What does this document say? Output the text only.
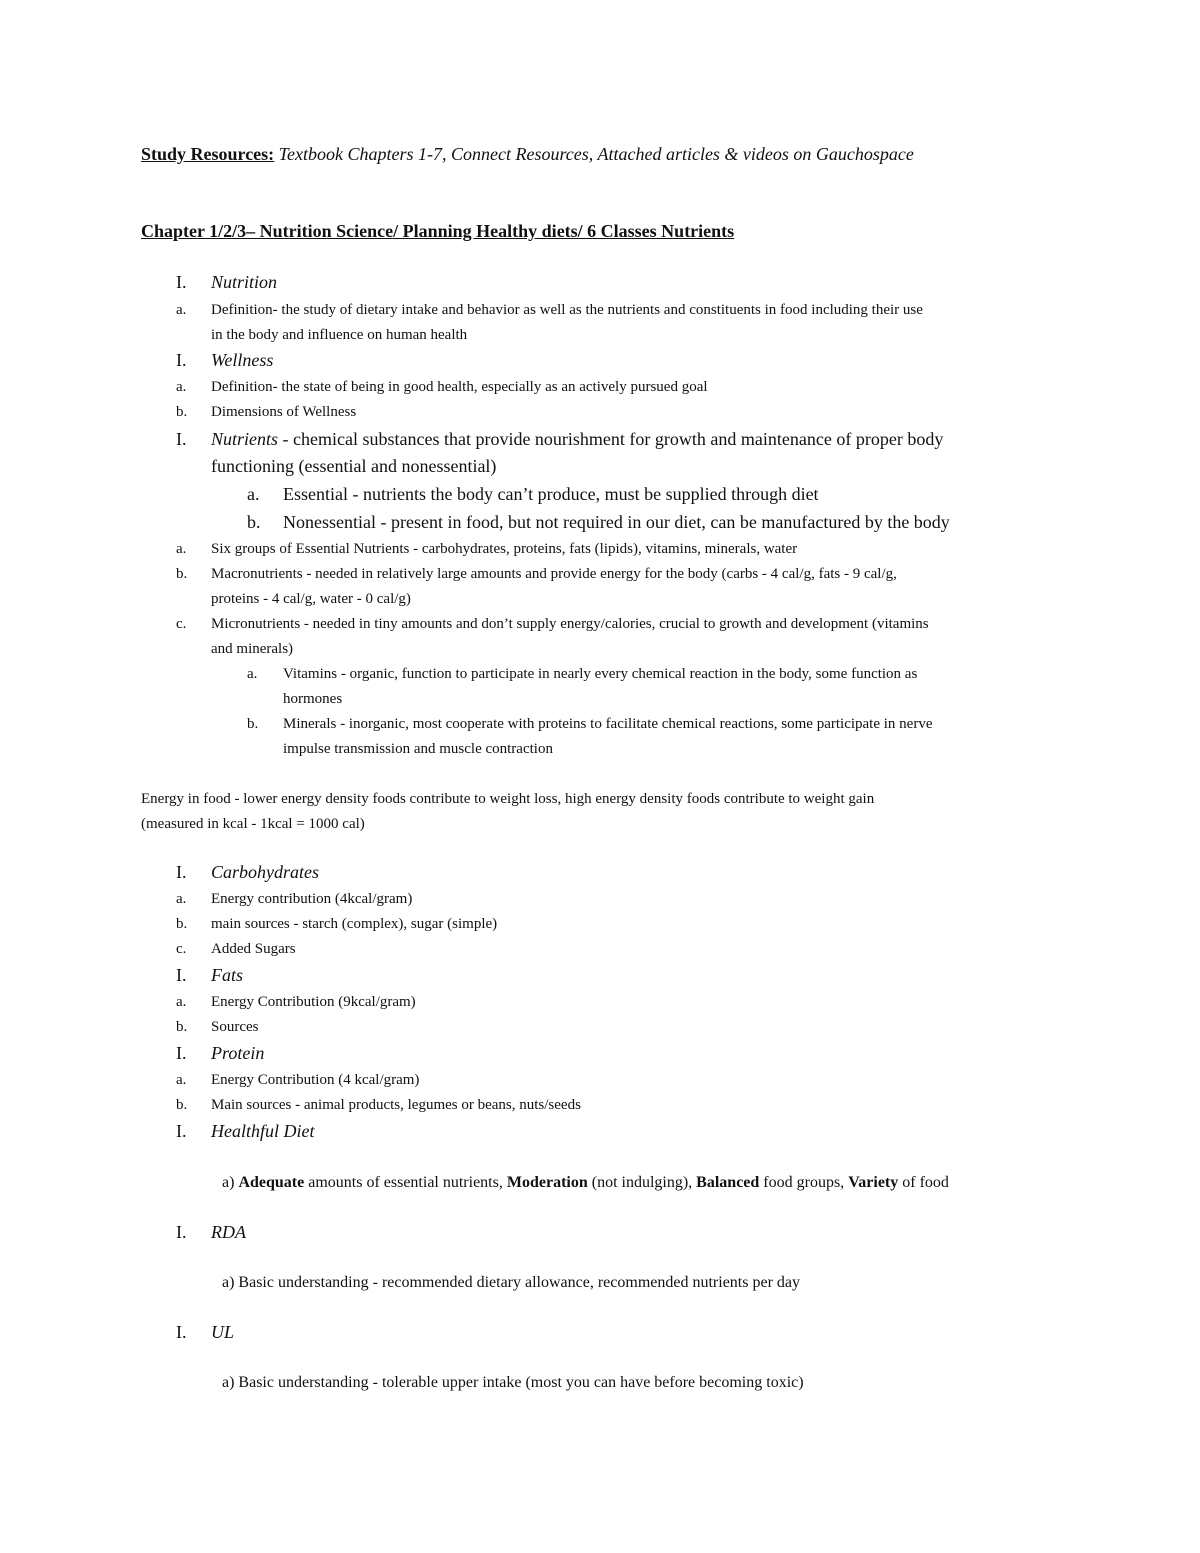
Study Resources: Textbook Chapters 1-7, Connect Resources, Attached articles & videos on Gauchospace
Chapter 1/2/3– Nutrition Science/ Planning Healthy diets/ 6 Classes Nutrients
I. Nutrition
a. Definition- the study of dietary intake and behavior as well as the nutrients and constituents in food including their use
in the body and influence on human health
I. Wellness
a. Definition- the state of being in good health, especially as an actively pursued goal
b. Dimensions of Wellness
I. Nutrients - chemical substances that provide nourishment for growth and maintenance of proper body
functioning (essential and nonessential)
a. Essential - nutrients the body can’t produce, must be supplied through diet
b. Nonessential - present in food, but not required in our diet, can be manufactured by the body
a. Six groups of Essential Nutrients - carbohydrates, proteins, fats (lipids), vitamins, minerals, water
b. Macronutrients - needed in relatively large amounts and provide energy for the body (carbs - 4 cal/g, fats - 9 cal/g,
proteins - 4 cal/g, water - 0 cal/g)
c. Micronutrients - needed in tiny amounts and don’t supply energy/calories, crucial to growth and development (vitamins
and minerals)
a. Vitamins - organic, function to participate in nearly every chemical reaction in the body, some function as
hormones
b. Minerals - inorganic, most cooperate with proteins to facilitate chemical reactions, some participate in nerve
impulse transmission and muscle contraction
Energy in food - lower energy density foods contribute to weight loss, high energy density foods contribute to weight gain
(measured in kcal - 1kcal = 1000 cal)
I. Carbohydrates
a. Energy contribution (4kcal/gram)
b. main sources - starch (complex), sugar (simple)
c. Added Sugars
I. Fats
a. Energy Contribution (9kcal/gram)
b. Sources
I. Protein
a. Energy Contribution (4 kcal/gram)
b. Main sources - animal products, legumes or beans, nuts/seeds
I. Healthful Diet
a) Adequate amounts of essential nutrients, Moderation (not indulging), Balanced food groups, Variety of food
I. RDA
a) Basic understanding - recommended dietary allowance, recommended nutrients per day
I. UL
a) Basic understanding - tolerable upper intake (most you can have before becoming toxic)
